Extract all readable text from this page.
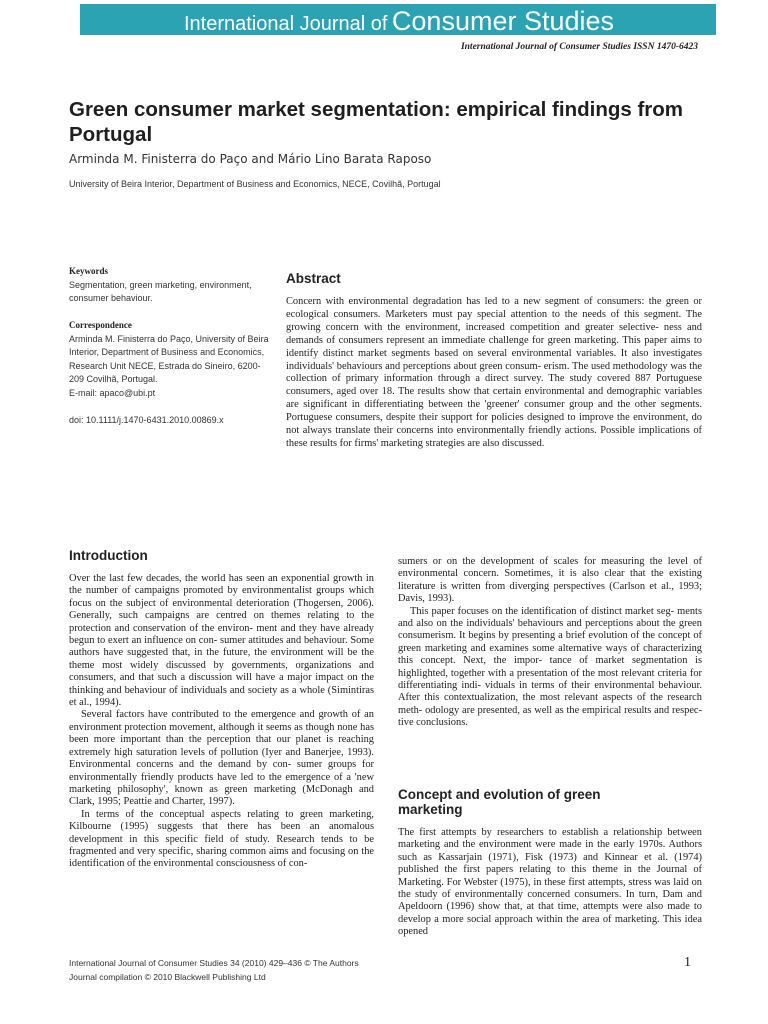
International Journal of Consumer Studies
International Journal of Consumer Studies ISSN 1470-6423
Green consumer market segmentation: empirical findings from Portugal
Arminda M. Finisterra do Paço and Mário Lino Barata Raposo
University of Beira Interior, Department of Business and Economics, NECE, Covilhã, Portugal
Keywords
Segmentation, green marketing, environment, consumer behaviour.
Correspondence
Arminda M. Finisterra do Paço, University of Beira Interior, Department of Business and Economics, Research Unit NECE, Estrada do Sineiro, 6200-209 Covilhã, Portugal.
E-mail: apaco@ubi.pt
doi: 10.1111/j.1470-6431.2010.00869.x
Abstract

Concern with environmental degradation has led to a new segment of consumers: the green or ecological consumers. Marketers must pay special attention to the needs of this segment. The growing concern with the environment, increased competition and greater selective- ness and demands of consumers represent an immediate challenge for green marketing. This paper aims to identify distinct market segments based on several environmental variables. It also investigates individuals' behaviours and perceptions about green consum- erism. The used methodology was the collection of primary information through a direct survey. The study covered 887 Portuguese consumers, aged over 18. The results show that certain environmental and demographic variables are significant in differentiating between the 'greener' consumer group and the other segments. Portuguese consumers, despite their support for policies designed to improve the environment, do not always translate their concerns into environmentally friendly actions. Possible implications of these results for firms' marketing strategies are also discussed.

Introduction

Over the last few decades, the world has seen an exponential growth in the number of campaigns promoted by environmentalist groups which focus on the subject of environmental deterioration (Thogersen, 2006). Generally, such campaigns are centred on themes relating to the protection and conservation of the environ- ment and they have already begun to exert an influence on con- sumer attitudes and behaviour. Some authors have suggested that, in the future, the environment will be the theme most widely discussed by governments, organizations and consumers, and that such a discussion will have a major impact on the thinking and behaviour of individuals and society as a whole (Simintiras et al., 1994).

Several factors have contributed to the emergence and growth of an environment protection movement, although it seems as though none has been more important than the perception that our planet is reaching extremely high saturation levels of pollution (Iyer and Banerjee, 1993). Environmental concerns and the demand by con- sumer groups for environmentally friendly products have led to the emergence of a 'new marketing philosophy', known as green marketing (McDonagh and Clark, 1995; Peattie and Charter, 1997).

In terms of the conceptual aspects relating to green marketing, Kilbourne (1995) suggests that there has been an anomalous development in this specific field of study. Research tends to be fragmented and very specific, sharing common aims and focusing on the identification of the environmental consciousness of con-

sumers or on the development of scales for measuring the level of environmental concern. Sometimes, it is also clear that the existing literature is written from diverging perspectives (Carlson et al., 1993; Davis, 1993).

This paper focuses on the identification of distinct market seg- ments and also on the individuals' behaviours and perceptions about the green consumerism. It begins by presenting a brief evolution of the concept of green marketing and examines some alternative ways of characterizing this concept. Next, the impor- tance of market segmentation is highlighted, together with a presentation of the most relevant criteria for differentiating indi- viduals in terms of their environmental behaviour. After this contextualization, the most relevant aspects of the research meth- odology are presented, as well as the empirical results and respec- tive conclusions.

Concept and evolution of green marketing

The first attempts by researchers to establish a relationship between marketing and the environment were made in the early 1970s. Authors such as Kassarjain (1971), Fisk (1973) and Kinnear et al. (1974) published the first papers relating to this theme in the Journal of Marketing. For Webster (1975), in these first attempts, stress was laid on the study of environmentally concerned consumers. In turn, Dam and Apeldoorn (1996) show that, at that time, attempts were also made to develop a more social approach within the area of marketing. This idea opened

International Journal of Consumer Studies 34 (2010) 429–436 © The Authors
Journal compilation © 2010 Blackwell Publishing Ltd
1
